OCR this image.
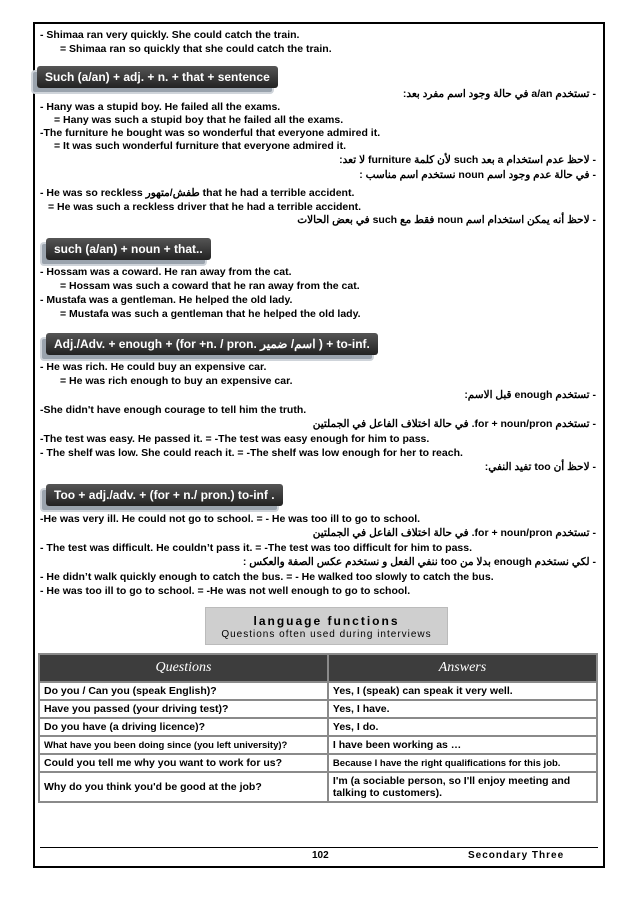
- Shimaa ran very quickly. She could catch the train.
= Shimaa ran so quickly that she could catch the train.
Such (a/an) + adj. + n. + that + sentence
- تستخدم a/an في حالة وجود اسم مفرد بعد:
- Hany was a stupid boy. He failed all the exams.
= Hany was such a stupid boy that he failed all the exams.
-The furniture he bought was so wonderful that everyone admired it.
= It was such wonderful furniture that everyone admired it.
- لاحظ عدم استخدام a بعد such لأن كلمة furniture لا تعد:
- في حالة عدم وجود اسم noun نستخدم اسم مناسب :
- He was so reckless طفش/متهور that he had a terrible accident.
= He was such a reckless driver that he had a terrible accident.
- لاحظ أنه يمكن استخدام اسم noun فقط مع such في بعض الحالات
such (a/an) + noun + that..
- Hossam was a coward. He ran away from the cat.
= Hossam was such a coward that he ran away from the cat.
- Mustafa was a gentleman. He helped the old lady.
= Mustafa was such a gentleman that he helped the old lady.
Adj./Adv. + enough + (for +n. / pron. اسم/ ضمير ) + to-inf.
- He was rich. He could buy an expensive car.
= He was rich enough to buy an expensive car.
- تستخدم enough قبل الاسم:
-She didn't have enough courage to tell him the truth.
- تستخدم for + noun/pron. في حالة اختلاف الفاعل في الجملتين
-The test was easy. He passed it. = -The test was easy enough for him to pass.
- The shelf was low. She could reach it. = -The shelf was low enough for her to reach.
- لاحظ أن too تفيد النفي:
Too + adj./adv. + (for + n./ pron.) to-inf .
-He was very ill. He could not go to school. = - He was too ill to go to school.
- تستخدم for + noun/pron. في حالة اختلاف الفاعل في الجملتين
- The test was difficult. He couldn’t pass it. = -The test was too difficult for him to pass.
- لكي نستخدم enough بدلا من too ننفي الفعل و نستخدم عكس الصفة والعكس :
- He didn’t walk quickly enough to catch the bus. = - He walked too slowly to catch the bus.
- He was too ill to go to school. = -He was not well enough to go to school.
language functions
Questions often used during interviews
Questions	Answers
Do you / Can you (speak English)?	Yes, I (speak) can speak it very well.
Have you passed (your driving test)?	Yes, I have.
Do you have (a driving licence)?	Yes, I do.
What have you been doing since (you left university)?	I have been working as …
Could you tell me why you want to work for us?	Because I have the right qualifications for this job.
Why do you think you'd be good at the job?	I'm (a sociable person, so I'll enjoy meeting and talking to customers).
102	Secondary Three
